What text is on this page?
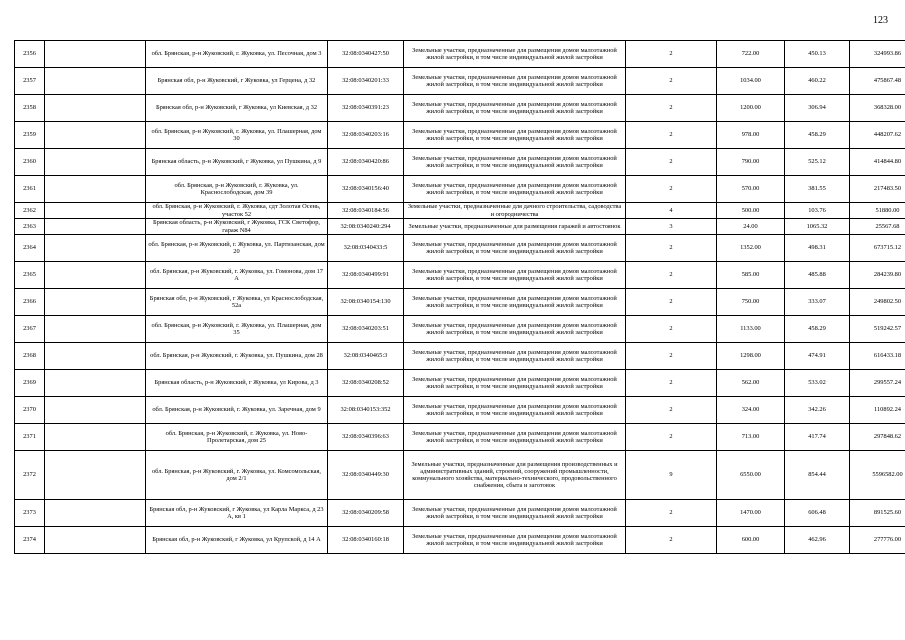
123
2356		обл. Брянская, р-н Жуковский, г. Жуковка, ул. Песочная, дом 3	32:08:0340427:50	Земельные участки, предназначенные для размещения домов малоэтажной жилой застройки, в том числе индивидуальной жилой застройки	2	722.00	450.13	324993.86
2357		Брянская обл, р-н Жуковский, г Жуковка, ул Герцена, д 32	32:08:0340201:33	Земельные участки, предназначенные для размещения домов малоэтажной жилой застройки, в том числе индивидуальной жилой застройки	2	1034.00	460.22	475867.48
2358		Брянская обл, р-н Жуковский, г Жуковка, ул Киевская, д 32	32:08:0340391:23	Земельные участки, предназначенные для размещения домов малоэтажной жилой застройки, в том числе индивидуальной жилой застройки	2	1200.00	306.94	368328.00
2359		обл. Брянская, р-н Жуковский, г. Жуковка, ул. Плашерная, дом 30	32:08:0340203:16	Земельные участки, предназначенные для размещения домов малоэтажной жилой застройки, в том числе индивидуальной жилой застройки	2	978.00	458.29	448207.62
2360		Брянская область, р-н Жуковский, г Жуковка, ул Пушкина, д 9	32:08:0340420:86	Земельные участки, предназначенные для размещения домов малоэтажной жилой застройки, в том числе индивидуальной жилой застройки	2	790.00	525.12	414844.80
2361		обл. Брянская, р-н Жуковский, г. Жуковка, ул. Краснослободская, дом 39	32:08:0340156:40	Земельные участки, предназначенные для размещения домов малоэтажной жилой застройки, в том числе индивидуальной жилой застройки	2	570.00	381.55	217483.50
2362		обл. Брянская, р-н Жуковский, г. Жуковка, сдт Золотая Осень, участок 52	32:08:0340184:56	Земельные участки, предназначенные для дачного строительства, садоводства и огородничества	4	500.00	103.76	51880.00
2363		Брянская область, р-н Жуковский, г Жуковка, ГСК Светофор, гараж N84	32:08:0340240:294	Земельные участки, предназначенные для размещения гаражей и автостоянок	3	24.00	1065.32	25567.68
2364		обл. Брянская, р-н Жуковский, г. Жуковка, ул. Партизанская, дом 20	32:08:0340433:5	Земельные участки, предназначенные для размещения домов малоэтажной жилой застройки, в том числе индивидуальной жилой застройки	2	1352.00	498.31	673715.12
2365		обл. Брянская, р-н Жуковский, г. Жуковка, ул. Гомонова, дом 17 А	32:08:0340499:91	Земельные участки, предназначенные для размещения домов малоэтажной жилой застройки, в том числе индивидуальной жилой застройки	2	585.00	485.88	284239.80
2366		Брянская обл, р-н Жуковский, г Жуковка, ул Краснослободская, 52а	32:08:0340154:130	Земельные участки, предназначенные для размещения домов малоэтажной жилой застройки, в том числе индивидуальной жилой застройки	2	750.00	333.07	249802.50
2367		обл. Брянская, р-н Жуковский, г. Жуковка, ул. Плашерная, дом 35	32:08:0340203:51	Земельные участки, предназначенные для размещения домов малоэтажной жилой застройки, в том числе индивидуальной жилой застройки	2	1133.00	458.29	519242.57
2368		обл. Брянская, р-н Жуковский, г. Жуковка, ул. Пушкина, дом 28	32:08:0340465:3	Земельные участки, предназначенные для размещения домов малоэтажной жилой застройки, в том числе индивидуальной жилой застройки	2	1298.00	474.91	616433.18
2369		Брянская область, р-н Жуковский, г Жуковка, ул Кирова, д 3	32:08:0340208:52	Земельные участки, предназначенные для размещения домов малоэтажной жилой застройки, в том числе индивидуальной жилой застройки	2	562.00	533.02	299557.24
2370		обл. Брянская, р-н Жуковский, г. Жуковка, ул. Заречная, дом 9	32:08:0340153:352	Земельные участки, предназначенные для размещения домов малоэтажной жилой застройки, в том числе индивидуальной жилой застройки	2	324.00	342.26	110892.24
2371		обл. Брянская, р-н Жуковский, г. Жуковка, ул. Ново-Пролетарская, дом 25	32:08:0340396:63	Земельные участки, предназначенные для размещения домов малоэтажной жилой застройки, в том числе индивидуальной жилой застройки	2	713.00	417.74	297848.62
2372		обл. Брянская, р-н Жуковский, г. Жуковка, ул. Комсомольская, дом 2/1	32:08:0340449:30	Земельные участки, предназначенные для размещения производственных и административных зданий, строений, сооружений промышленности, коммунального хозяйства, материально-технического, продовольственного снабжения, сбыта и заготовок	9	6550.00	854.44	5596582.00
2373		Брянская обл, р-н Жуковский, г Жуковка, ул Карла Маркса, д 23 А, кв 1	32:08:0340209:58	Земельные участки, предназначенные для размещения домов малоэтажной жилой застройки, в том числе индивидуальной жилой застройки	2	1470.00	606.48	891525.60
2374		Брянская обл, р-н Жуковский, г Жуковка, ул Крупской, д 14 А	32:08:0340160:18	Земельные участки, предназначенные для размещения домов малоэтажной жилой застройки, в том числе индивидуальной жилой застройки	2	600.00	462.96	277776.00
